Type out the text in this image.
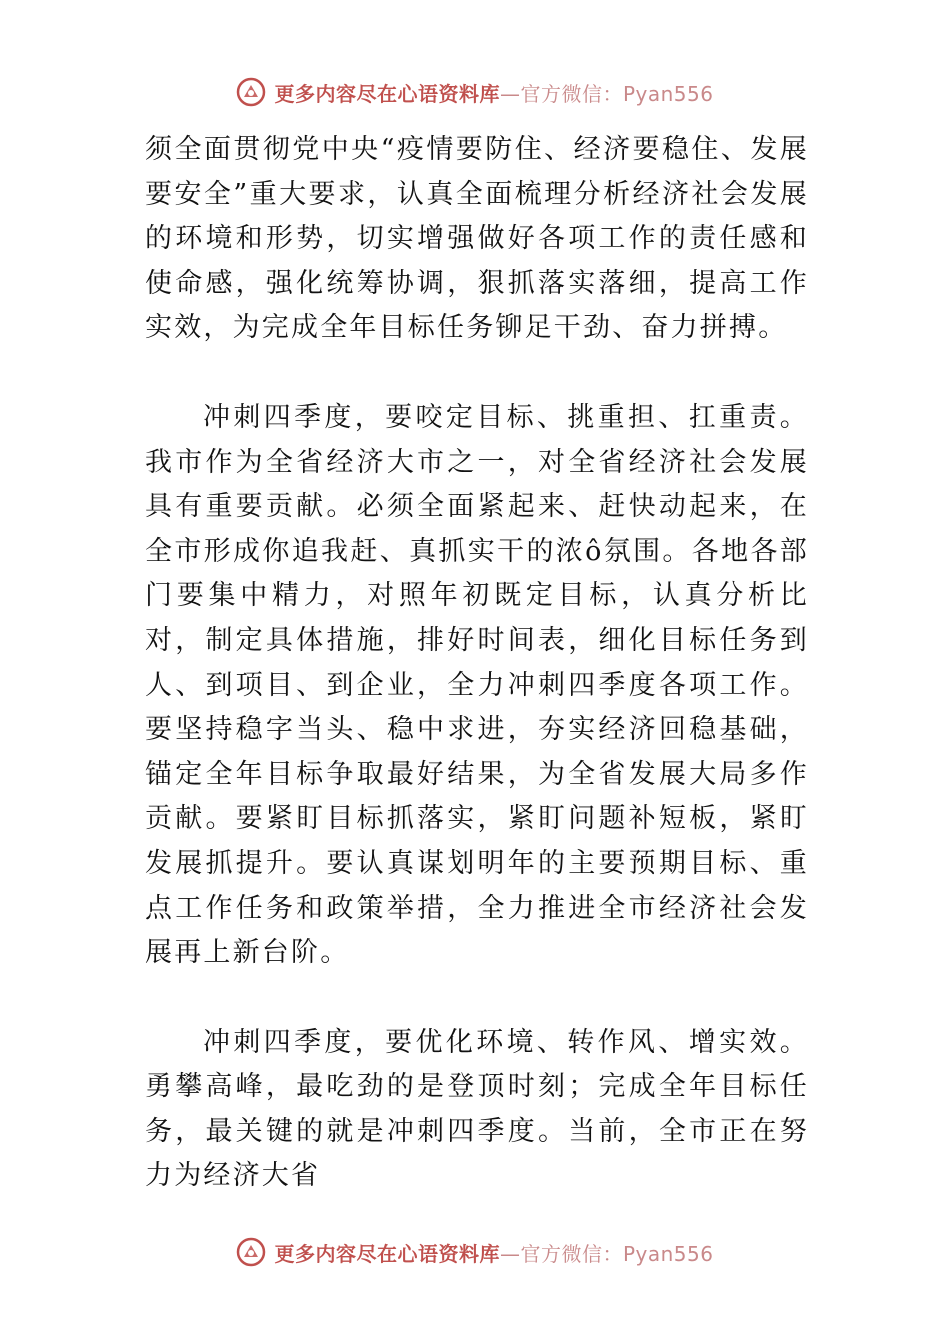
更多内容尽在心语资料库—官方微信：Pyan556

须全面贯彻党中央“疫情要防住、经济要稳住、发展要安全”重大要求，认真全面梳理分析经济社会发展的环境和形势，切实增强做好各项工作的责任感和使命感，强化统筹协调，狠抓落实落细，提高工作实效，为完成全年目标任务铆足干劲、奋力拼搏。

冲刺四季度，要咬定目标、挑重担、扛重责。我市作为全省经济大市之一，对全省经济社会发展具有重要贡献。必须全面紧起来、赶快动起来，在全市形成你追我赶、真抓实干的浓ô氛围。各地各部门要集中精力，对照年初既定目标，认真分析比对，制定具体措施，排好时间表，细化目标任务到人、到项目、到企业，全力冲刺四季度各项工作。要坚持稳字当头、稳中求进，夯实经济回稳基础，锚定全年目标争取最好结果，为全省发展大局多作贡献。要紧盯目标抓落实，紧盯问题补短板，紧盯发展抓提升。要认真谋划明年的主要预期目标、重点工作任务和政策举措，全力推进全市经济社会发展再上新台阶。

冲刺四季度，要优化环境、转作风、增实效。勇攀高峰，最吃劲的是登顶时刻；完成全年目标任务，最关键的就是冲刺四季度。当前，全市正在努力为经济大省

更多内容尽在心语资料库—官方微信：Pyan556
